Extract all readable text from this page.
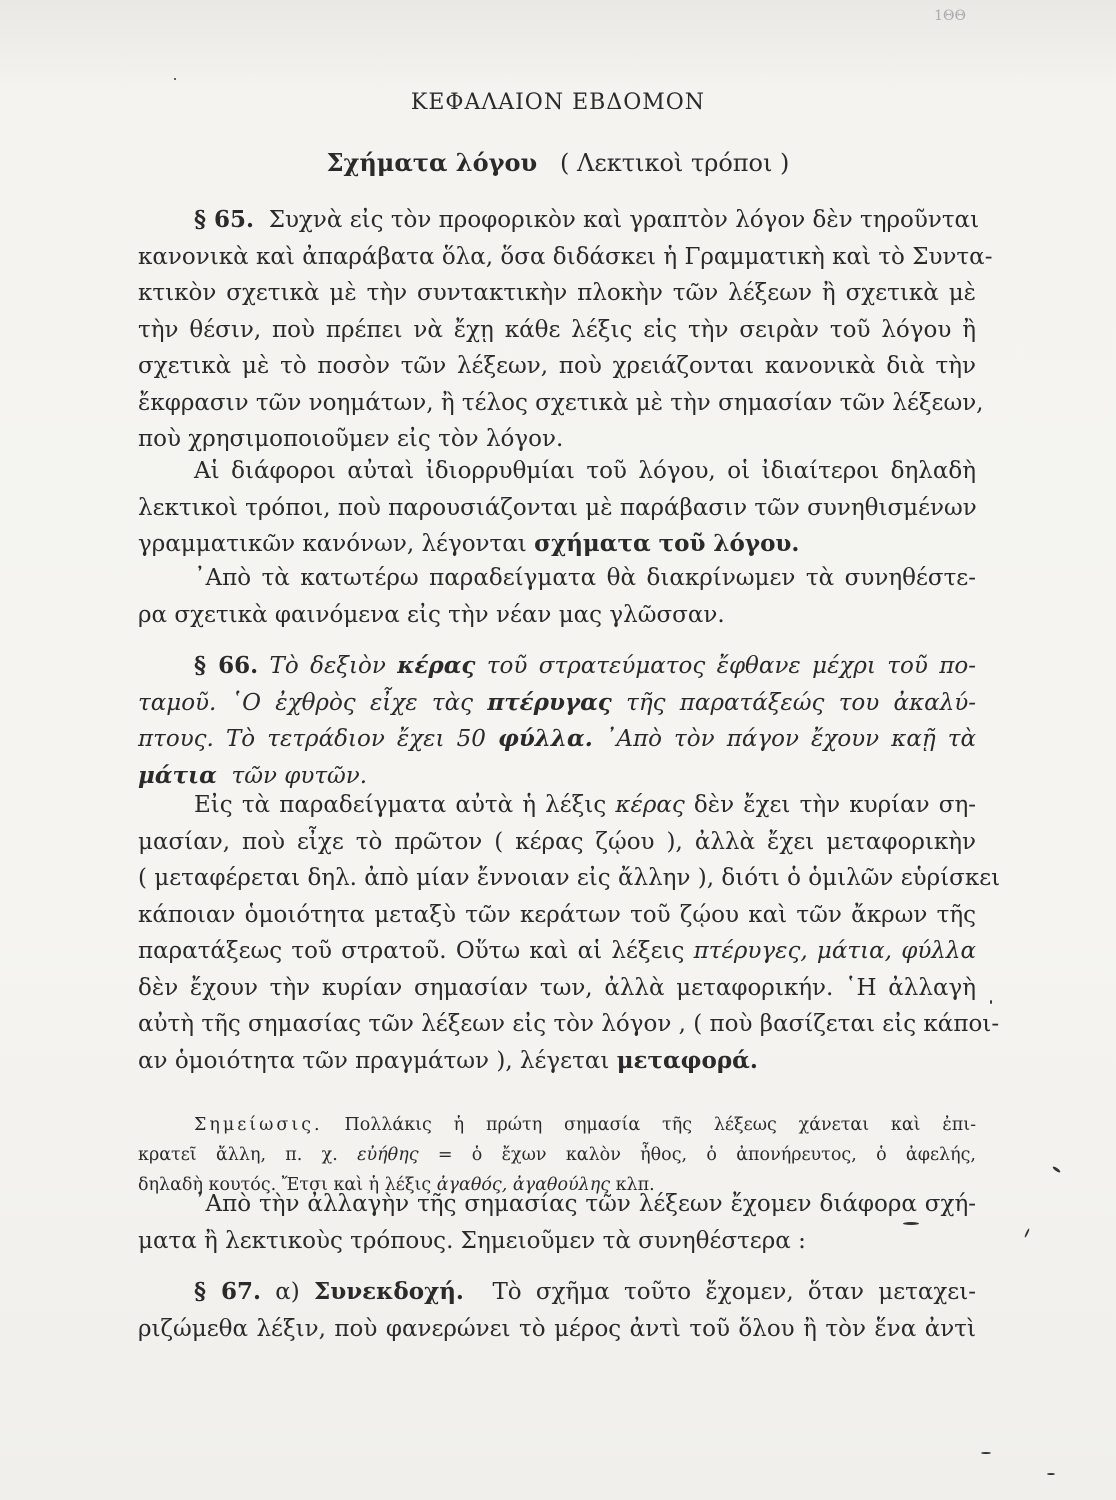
1ΘΘ

ΚΕΦΑΛΑΙΟΝ ΕΒΔΟΜΟΝ
Σχήματα λόγου ( Λεκτικοὶ τρόποι )
§ 65. Συχνὰ εἰς τὸν προφορικὸν καὶ γραπτὸν λόγον δὲν τηροῦνται
κανονικὰ καὶ ἀπαράβατα ὅλα, ὅσα διδάσκει ἡ Γραμματικὴ καὶ τὸ Συντα-
κτικὸν σχετικὰ μὲ τὴν συντακτικὴν πλοκὴν τῶν λέξεων ἢ σχετικὰ μὲ
τὴν θέσιν, ποὺ πρέπει νὰ ἔχῃ κάθε λέξις εἰς τὴν σειρὰν τοῦ λόγου ἢ
σχετικὰ μὲ τὸ ποσὸν τῶν λέξεων, ποὺ χρειάζονται κανονικὰ διὰ τὴν
ἔκφρασιν τῶν νοημάτων, ἢ τέλος σχετικὰ μὲ τὴν σημασίαν τῶν λέξεων,
ποὺ χρησιμοποιοῦμεν εἰς τὸν λόγον.
Αἱ διάφοροι αὐταὶ ἰδιορρυθμίαι τοῦ λόγου, οἱ ἰδιαίτεροι δηλαδὴ
λεκτικοὶ τρόποι, ποὺ παρουσιάζονται μὲ παράβασιν τῶν συνηθισμένων
γραμματικῶν κανόνων, λέγονται σχήματα τοῦ λόγου.
᾿Απὸ τὰ κατωτέρω παραδείγματα θὰ διακρίνωμεν τὰ συνηθέστε-
ρα σχετικὰ φαινόμενα εἰς τὴν νέαν μας γλῶσσαν.
§ 66. Τὸ δεξιὸν κέρας τοῦ στρατεύματος ἔφθανε μέχρι τοῦ πο-
ταμοῦ. ῾Ο ἐχθρὸς εἶχε τὰς πτέρυγας τῆς παρατάξεώς του ἀκαλύ-
πτους. Τὸ τετράδιον ἔχει 50 φύλλα. ᾿Απὸ τὸν πάγον ἔχουν καῇ τὰ
μάτια τῶν φυτῶν.
Εἰς τὰ παραδείγματα αὐτὰ ἡ λέξις κέρας δὲν ἔχει τὴν κυρίαν ση-
μασίαν, ποὺ εἶχε τὸ πρῶτον ( κέρας ζῴου ), ἀλλὰ ἔχει μεταφορικὴν
( μεταφέρεται δηλ. ἀπὸ μίαν ἔννοιαν εἰς ἄλλην ), διότι ὁ ὁμιλῶν εὑρίσκει
κάποιαν ὁμοιότητα μεταξὺ τῶν κεράτων τοῦ ζῴου καὶ τῶν ἄκρων τῆς
παρατάξεως τοῦ στρατοῦ. Οὕτω καὶ αἱ λέξεις πτέρυγες, μάτια, φύλλα
δὲν ἔχουν τὴν κυρίαν σημασίαν των, ἀλλὰ μεταφορικήν. ῾Η ἀλλαγὴ
αὐτὴ τῆς σημασίας τῶν λέξεων εἰς τὸν λόγον , ( ποὺ βασίζεται εἰς κάποι-
αν ὁμοιότητα τῶν πραγμάτων ), λέγεται μεταφορά.
Σημείωσις. Πολλάκις ἡ πρώτη σημασία τῆς λέξεως χάνεται καὶ ἐπι-
κρατεῖ ἄλλη, π. χ. εὐήθης = ὁ ἔχων καλὸν ἦθος, ὁ ἀπονήρευτος, ὁ ἀφελής,
δηλαδὴ κουτός. Ἔτσι καὶ ἡ λέξις ἀγαθός, ἀγαθούλης κλπ.
᾿Απὸ τὴν ἀλλαγὴν τῆς σημασίας τῶν λέξεων ἔχομεν διάφορα σχή-
ματα ἢ λεκτικοὺς τρόπους. Σημειοῦμεν τὰ συνηθέστερα :
§ 67. α) Συνεκδοχή. Τὸ σχῆμα τοῦτο ἔχομεν, ὅταν μεταχει-
ριζώμεθα λέξιν, ποὺ φανερώνει τὸ μέρος ἀντὶ τοῦ ὅλου ἢ τὸν ἕνα ἀντὶ
